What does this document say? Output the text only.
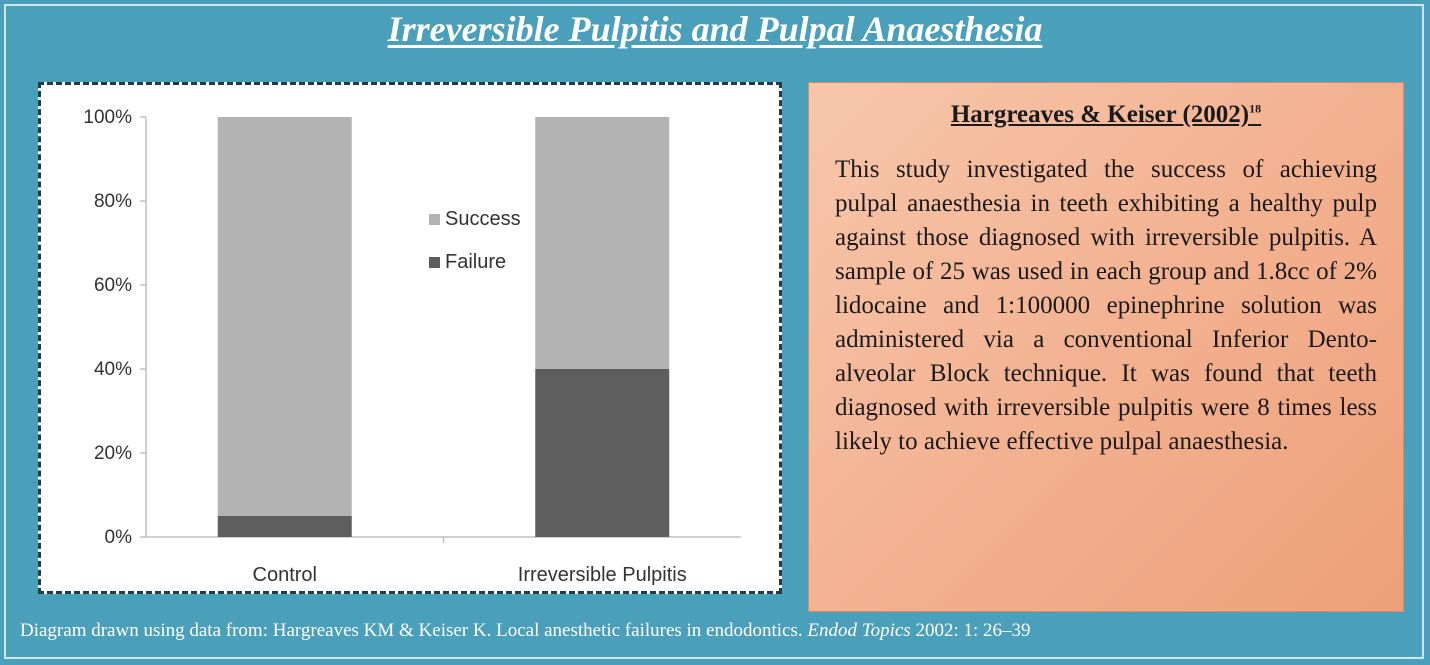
Irreversible Pulpitis and Pulpal Anaesthesia
0%
20%
40%
60%
80%
100%
Control	Irreversible Pulpitis
Success
Failure
Hargreaves & Keiser $(2002)^{18}$
This study investigated the success of achieving pulpal anaesthesia in teeth exhibiting a healthy pulp against those diagnosed with irreversible pulpitis. A sample of 25 was used in each group and 1.8cc of 2% lidocaine and 1:100000 epinephrine solution was administered via a conventional Inferior Dento-alveolar Block technique. It was found that teeth diagnosed with irreversible pulpitis were 8 times less likely to achieve effective pulpal anaesthesia.
Diagram drawn using data from: Hargreaves KM & Keiser K. Local anesthetic failures in endodontics. Endod Topics 2002: 1: 26–39
